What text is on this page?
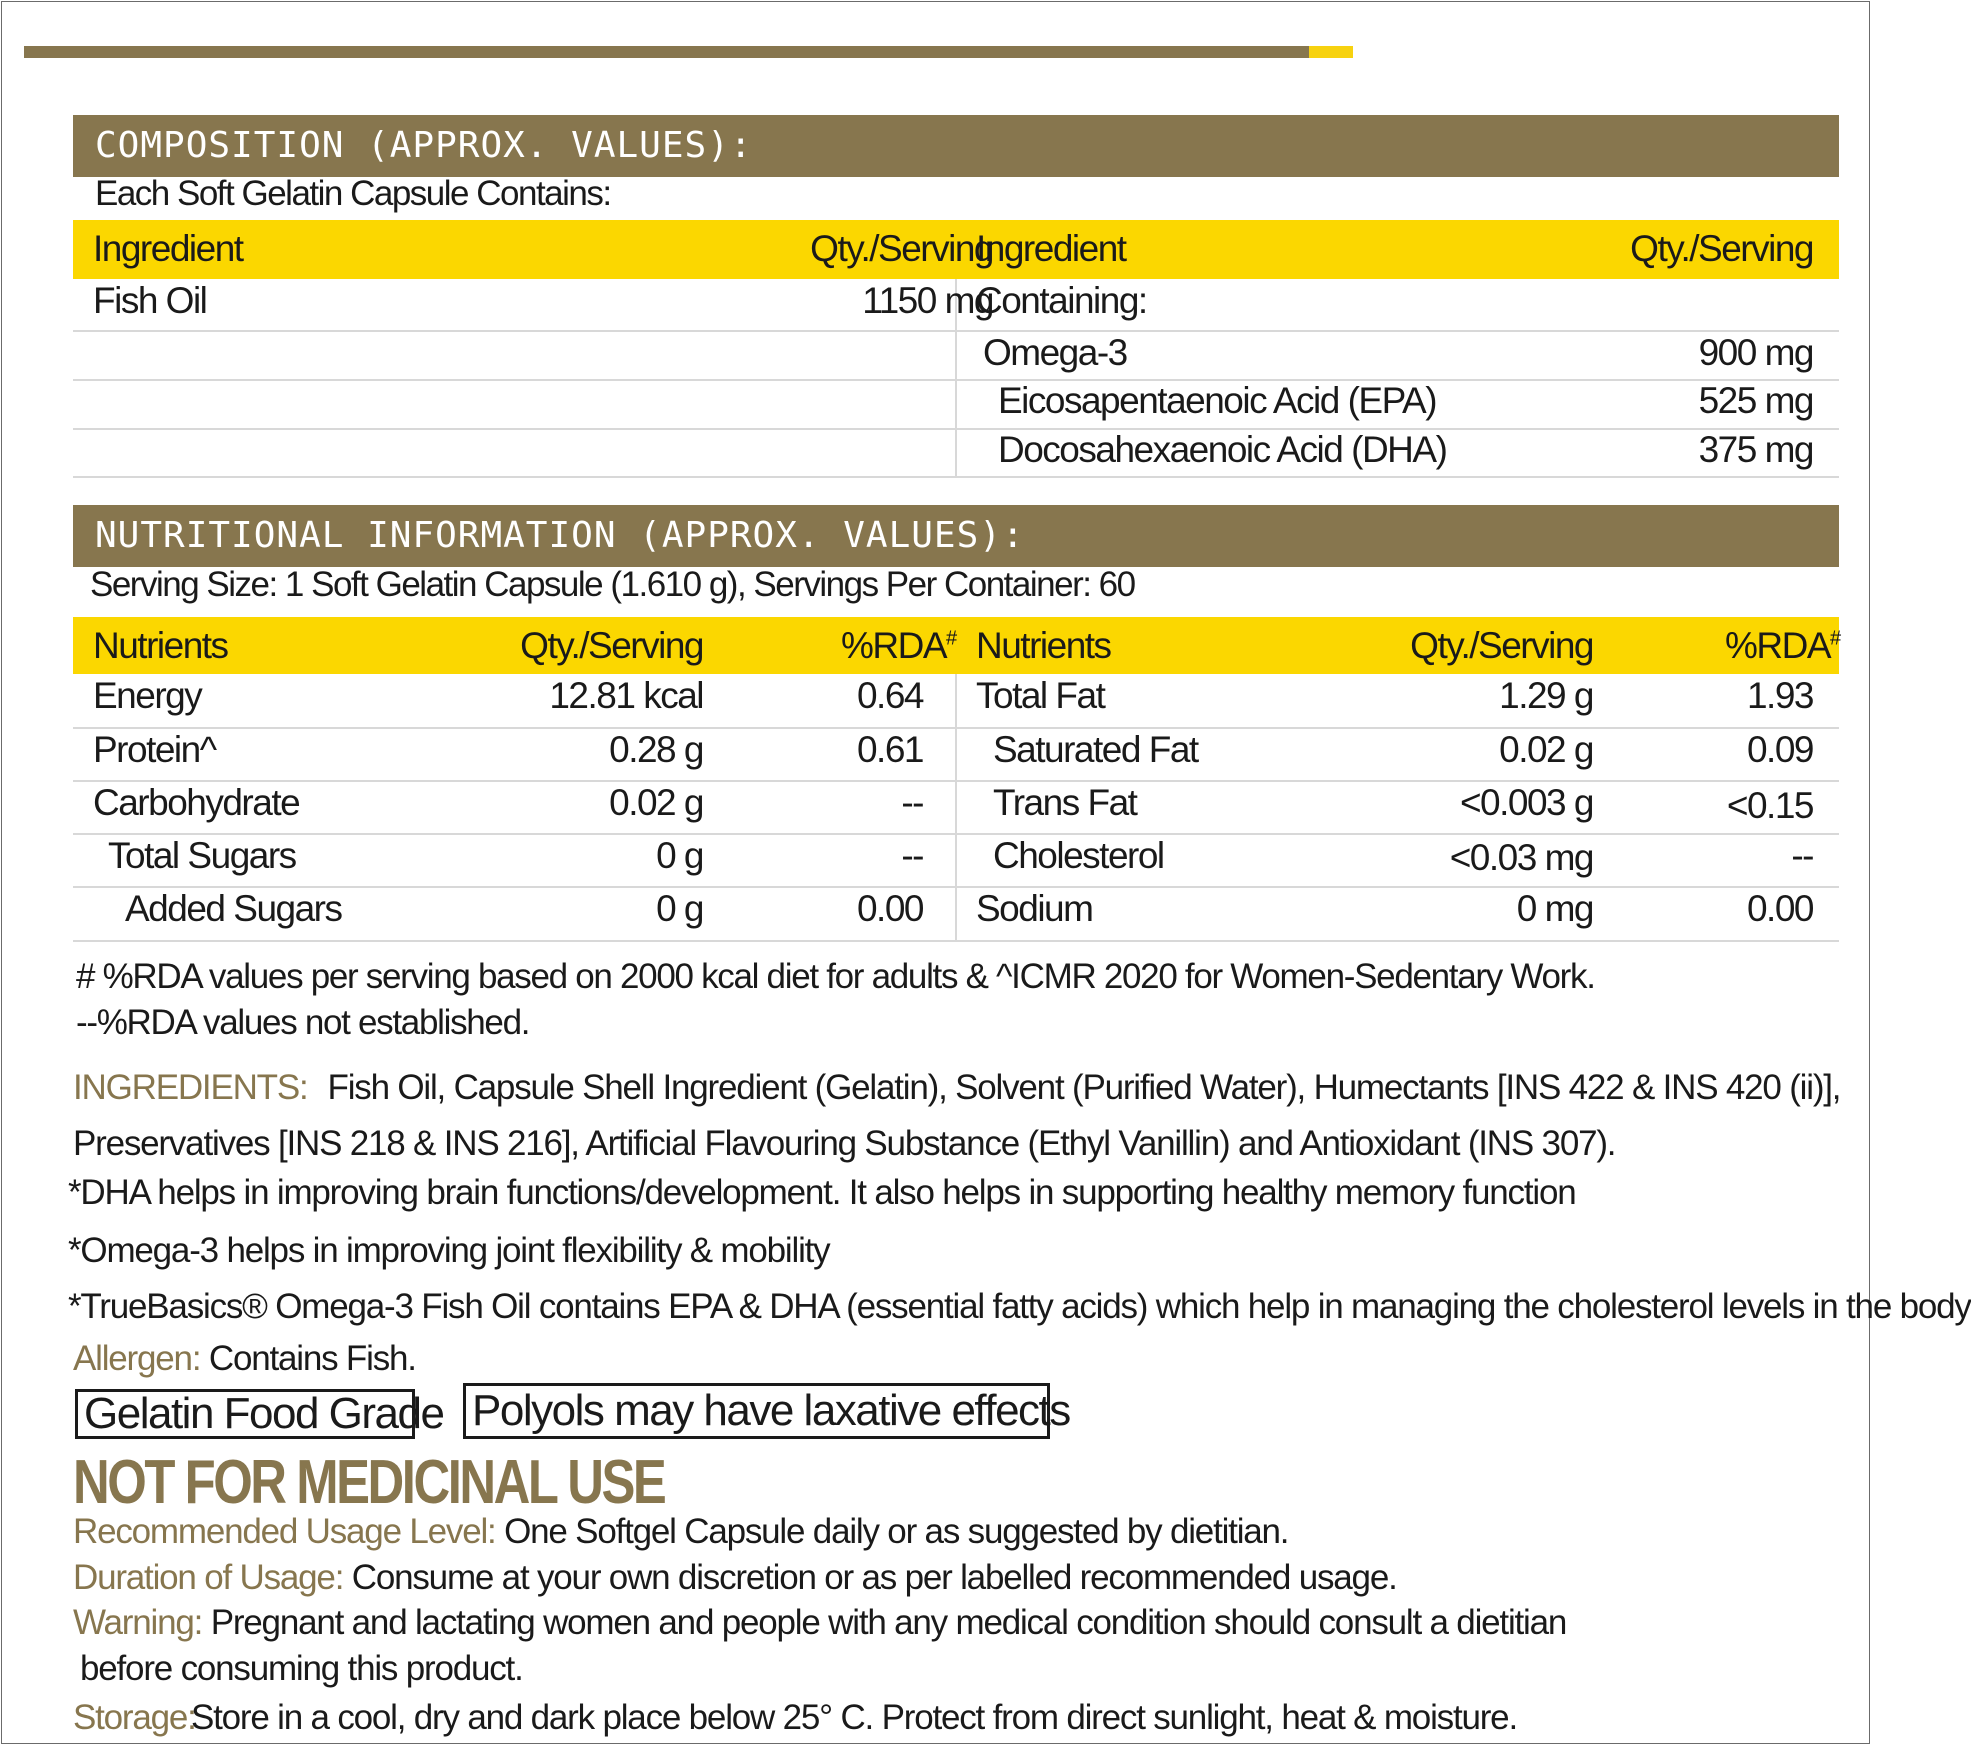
COMPOSITION (APPROX. VALUES):
Each Soft Gelatin Capsule Contains:
Ingredient	Qty./Serving
Ingredient	Qty./Serving
Fish Oil	1150 mg
Containing:
Omega-3	900 mg
Eicosapentaenoic Acid (EPA)	525 mg
Docosahexaenoic Acid (DHA)	375 mg
NUTRITIONAL INFORMATION (APPROX. VALUES):
Serving Size: 1 Soft Gelatin Capsule (1.610 g), Servings Per Container: 60
Nutrients	Qty./Serving	%RDA# Nutrients	Qty./Serving	%RDA#
Energy	12.81 kcal	0.64
Protein^	0.28 g	0.61
Carbohydrate	0.02 g	--
Total Sugars	0 g	--
Added Sugars	0 g	0.00
Total Fat	1.29 g	1.93
Saturated Fat	0.02 g	0.09
Trans Fat	<0.003 g	<0.15
Cholesterol	<0.03 mg	--
Sodium	0 mg	0.00
# %RDA values per serving based on 2000 kcal diet for adults & ^ICMR 2020 for Women-Sedentary Work.
--%RDA values not established.
INGREDIENTS: Fish Oil, Capsule Shell Ingredient (Gelatin), Solvent (Purified Water), Humectants [INS 422 & INS 420 (ii)],
Preservatives [INS 218 & INS 216], Artificial Flavouring Substance (Ethyl Vanillin) and Antioxidant (INS 307).
*DHA helps in improving brain functions/development. It also helps in supporting healthy memory function
*Omega-3 helps in improving joint flexibility & mobility
*TrueBasics® Omega-3 Fish Oil contains EPA & DHA (essential fatty acids) which help in managing the cholesterol levels in the body
Allergen: Contains Fish.
Gelatin Food Grade Polyols may have laxative effects
NOT FOR MEDICINAL USE
Recommended Usage Level: One Softgel Capsule daily or as suggested by dietitian.
Duration of Usage: Consume at your own discretion or as per labelled recommended usage.
Warning: Pregnant and lactating women and people with any medical condition should consult a dietitian
before consuming this product.
Storage:
Store in a cool, dry and dark place below 25° C. Protect from direct sunlight, heat & moisture.
